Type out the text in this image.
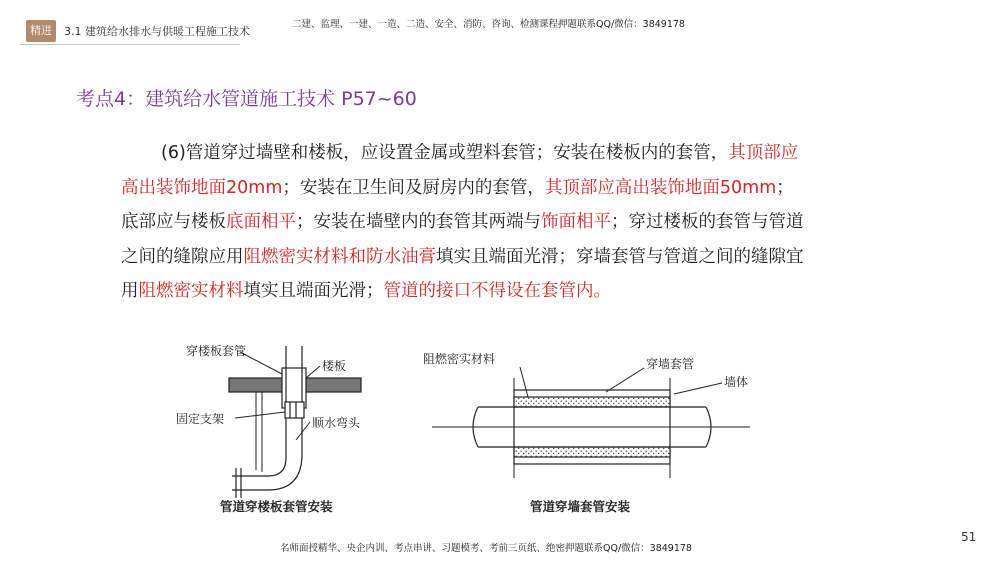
精进	3.1 建筑给水排水与供暖工程施工技术
二建、监理、一建、一造、二造、安全、消防、咨询、检测课程押题联系QQ/微信：3849178
考点4：建筑给水管道施工技术 P57~60
(6)管道穿过墙壁和楼板，应设置金属或塑料套管；安装在楼板内的套管，其顶部应高出装饰地面20mm；安装在卫生间及厨房内的套管，其顶部应高出装饰地面50mm；底部应与楼板底面相平；安装在墙壁内的套管其两端与饰面相平；穿过楼板的套管与管道之间的缝隙应用阻燃密实材料和防水油膏填实且端面光滑；穿墙套管与管道之间的缝隙宜用阻燃密实材料填实且端面光滑；管道的接口不得设在套管内。
穿楼板套管
楼板
固定支架	顺水弯头
阻燃密实材料	穿墙套管
墙体
管道穿楼板套管安装	管道穿墙套管安装
名师面授精华、央企内训、考点串讲、习题模考、考前三页纸、绝密押题联系QQ/微信：3849178
51
